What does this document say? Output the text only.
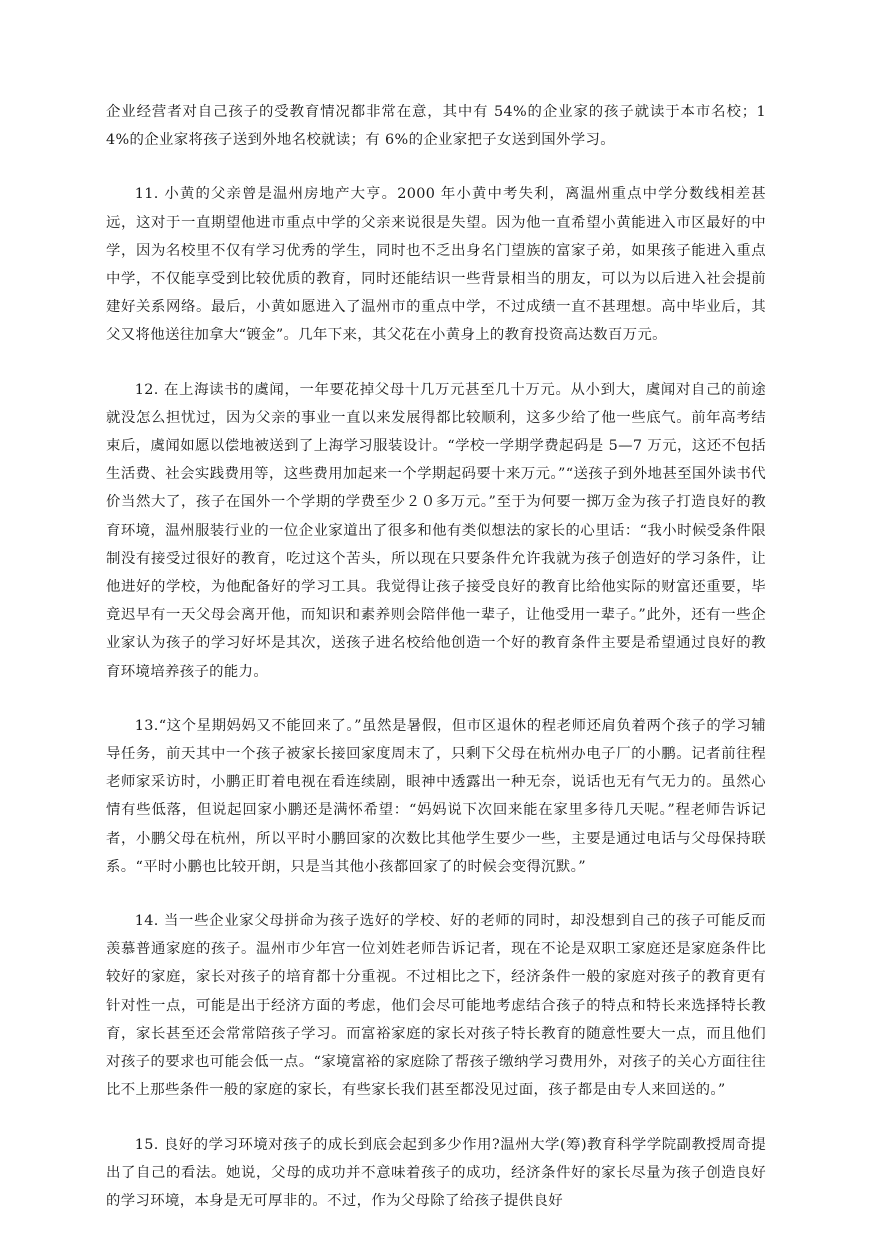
企业经营者对自己孩子的受教育情况都非常在意，其中有 54%的企业家的孩子就读于本市名校；14%的企业家将孩子送到外地名校就读；有 6%的企业家把子女送到国外学习。

11. 小黄的父亲曾是温州房地产大亨。2000 年小黄中考失利，离温州重点中学分数线相差甚远，这对于一直期望他进市重点中学的父亲来说很是失望。因为他一直希望小黄能进入市区最好的中学，因为名校里不仅有学习优秀的学生，同时也不乏出身名门望族的富家子弟，如果孩子能进入重点中学，不仅能享受到比较优质的教育，同时还能结识一些背景相当的朋友，可以为以后进入社会提前建好关系网络。最后，小黄如愿进入了温州市的重点中学，不过成绩一直不甚理想。高中毕业后，其父又将他送往加拿大“镀金”。几年下来，其父花在小黄身上的教育投资高达数百万元。

12. 在上海读书的虞闻，一年要花掉父母十几万元甚至几十万元。从小到大，虞闻对自己的前途就没怎么担忧过，因为父亲的事业一直以来发展得都比较顺利，这多少给了他一些底气。前年高考结束后，虞闻如愿以偿地被送到了上海学习服装设计。“学校一学期学费起码是 5—7 万元，这还不包括生活费、社会实践费用等，这些费用加起来一个学期起码要十来万元。”“送孩子到外地甚至国外读书代价当然大了，孩子在国外一个学期的学费至少２０多万元。”至于为何要一掷万金为孩子打造良好的教育环境，温州服装行业的一位企业家道出了很多和他有类似想法的家长的心里话：“我小时候受条件限制没有接受过很好的教育，吃过这个苦头，所以现在只要条件允许我就为孩子创造好的学习条件，让他进好的学校，为他配备好的学习工具。我觉得让孩子接受良好的教育比给他实际的财富还重要，毕竟迟早有一天父母会离开他，而知识和素养则会陪伴他一辈子，让他受用一辈子。”此外，还有一些企业家认为孩子的学习好坏是其次，送孩子进名校给他创造一个好的教育条件主要是希望通过良好的教育环境培养孩子的能力。

13.“这个星期妈妈又不能回来了。”虽然是暑假，但市区退休的程老师还肩负着两个孩子的学习辅导任务，前天其中一个孩子被家长接回家度周末了，只剩下父母在杭州办电子厂的小鹏。记者前往程老师家采访时，小鹏正盯着电视在看连续剧，眼神中透露出一种无奈，说话也无有气无力的。虽然心情有些低落，但说起回家小鹏还是满怀希望：“妈妈说下次回来能在家里多待几天呢。”程老师告诉记者，小鹏父母在杭州，所以平时小鹏回家的次数比其他学生要少一些，主要是通过电话与父母保持联系。“平时小鹏也比较开朗，只是当其他小孩都回家了的时候会变得沉默。”

14. 当一些企业家父母拼命为孩子选好的学校、好的老师的同时，却没想到自己的孩子可能反而羡慕普通家庭的孩子。温州市少年宫一位刘姓老师告诉记者，现在不论是双职工家庭还是家庭条件比较好的家庭，家长对孩子的培育都十分重视。不过相比之下，经济条件一般的家庭对孩子的教育更有针对性一点，可能是出于经济方面的考虑，他们会尽可能地考虑结合孩子的特点和特长来选择特长教育，家长甚至还会常常陪孩子学习。而富裕家庭的家长对孩子特长教育的随意性要大一点，而且他们对孩子的要求也可能会低一点。“家境富裕的家庭除了帮孩子缴纳学习费用外，对孩子的关心方面往往比不上那些条件一般的家庭的家长，有些家长我们甚至都没见过面，孩子都是由专人来回送的。”

15. 良好的学习环境对孩子的成长到底会起到多少作用?温州大学(筹)教育科学学院副教授周奇提出了自己的看法。她说，父母的成功并不意味着孩子的成功，经济条件好的家长尽量为孩子创造良好的学习环境，本身是无可厚非的。不过，作为父母除了给孩子提供良好
